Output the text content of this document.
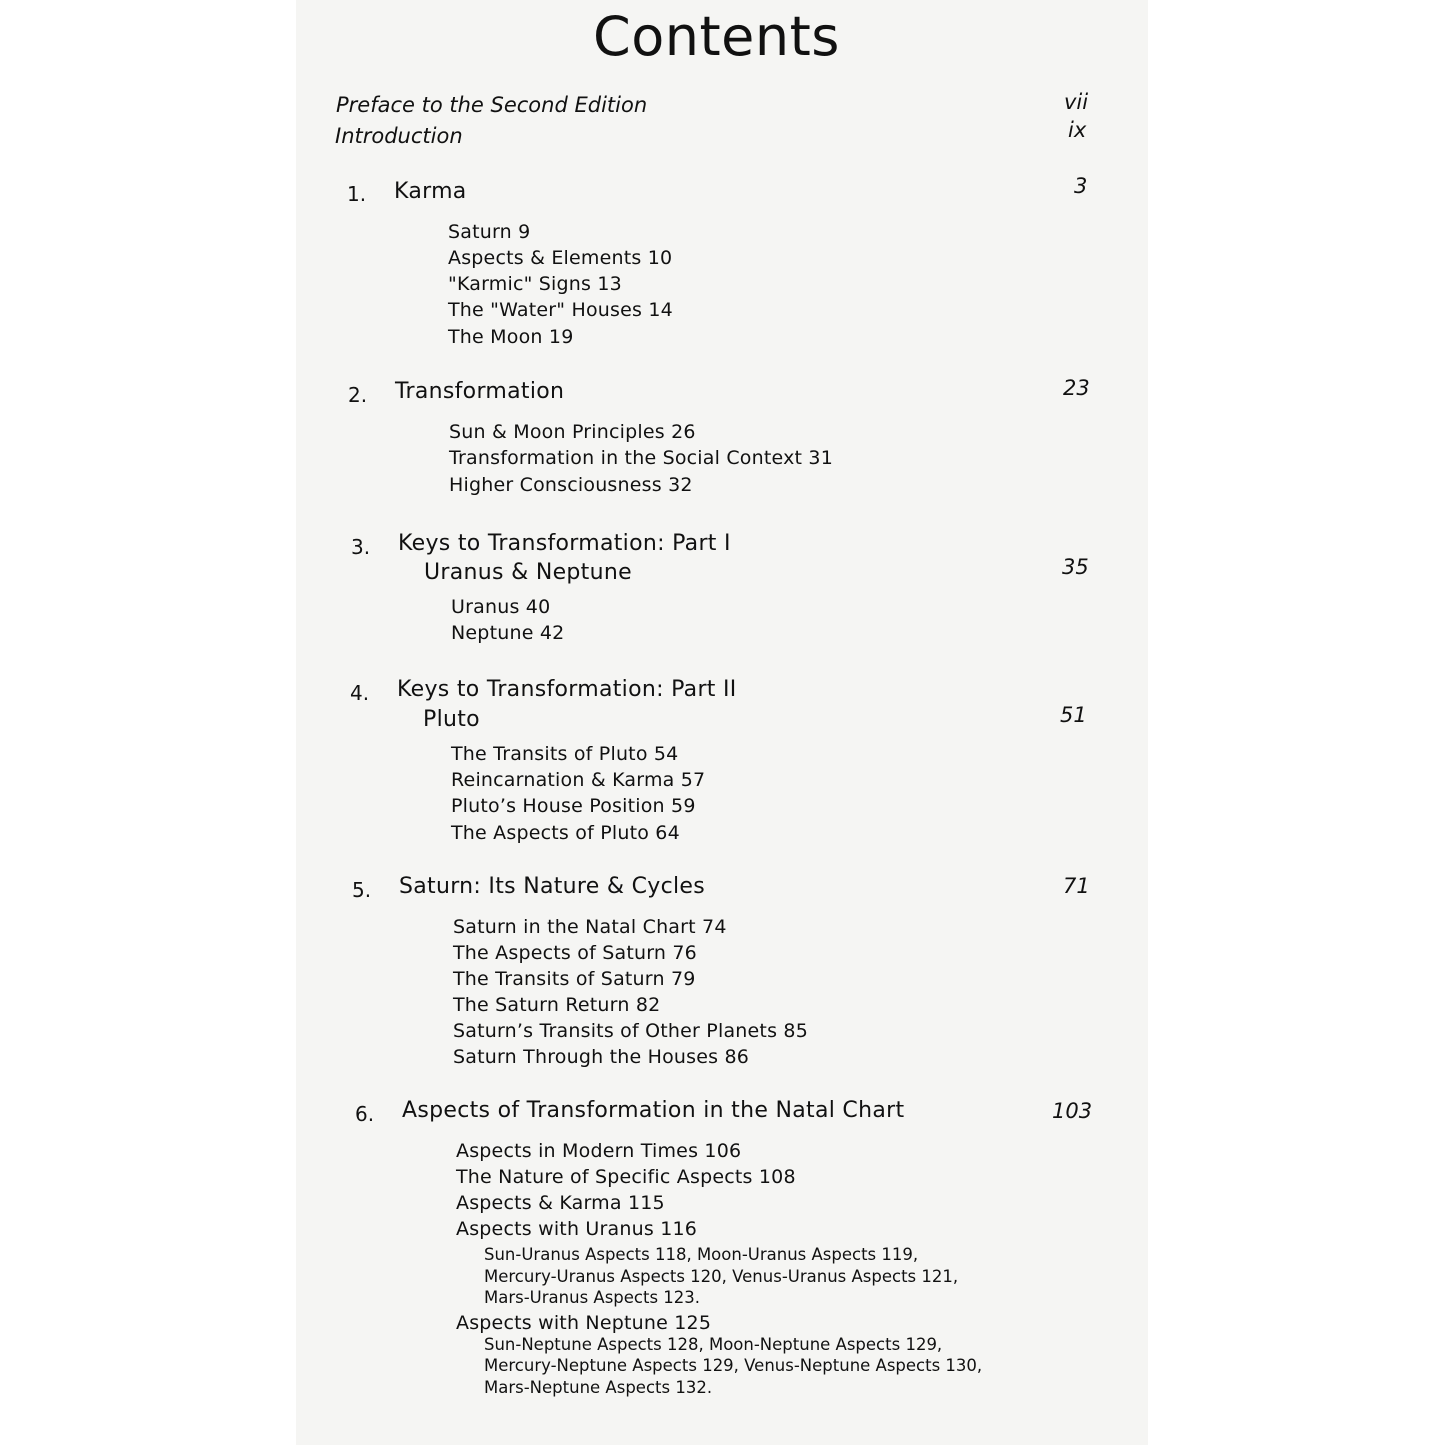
Contents
Preface to the Second Edition	vii
Introduction	ix
1. Karma	3
Saturn 9
Aspects & Elements 10
"Karmic" Signs 13
The "Water" Houses 14
The Moon 19
2. Transformation	23
Sun & Moon Principles 26
Transformation in the Social Context 31
Higher Consciousness 32
3. Keys to Transformation: Part I
Uranus & Neptune	35
Uranus 40
Neptune 42
4. Keys to Transformation: Part II
Pluto	51
The Transits of Pluto 54
Reincarnation & Karma 57
Pluto’s House Position 59
The Aspects of Pluto 64
5. Saturn: Its Nature & Cycles	71
Saturn in the Natal Chart 74
The Aspects of Saturn 76
The Transits of Saturn 79
The Saturn Return 82
Saturn’s Transits of Other Planets 85
Saturn Through the Houses 86
6. Aspects of Transformation in the Natal Chart	103
Aspects in Modern Times 106
The Nature of Specific Aspects 108
Aspects & Karma 115
Aspects with Uranus 116
Sun-Uranus Aspects 118, Moon-Uranus Aspects 119,
Mercury-Uranus Aspects 120, Venus-Uranus Aspects 121,
Mars-Uranus Aspects 123.
Aspects with Neptune 125
Sun-Neptune Aspects 128, Moon-Neptune Aspects 129,
Mercury-Neptune Aspects 129, Venus-Neptune Aspects 130,
Mars-Neptune Aspects 132.
